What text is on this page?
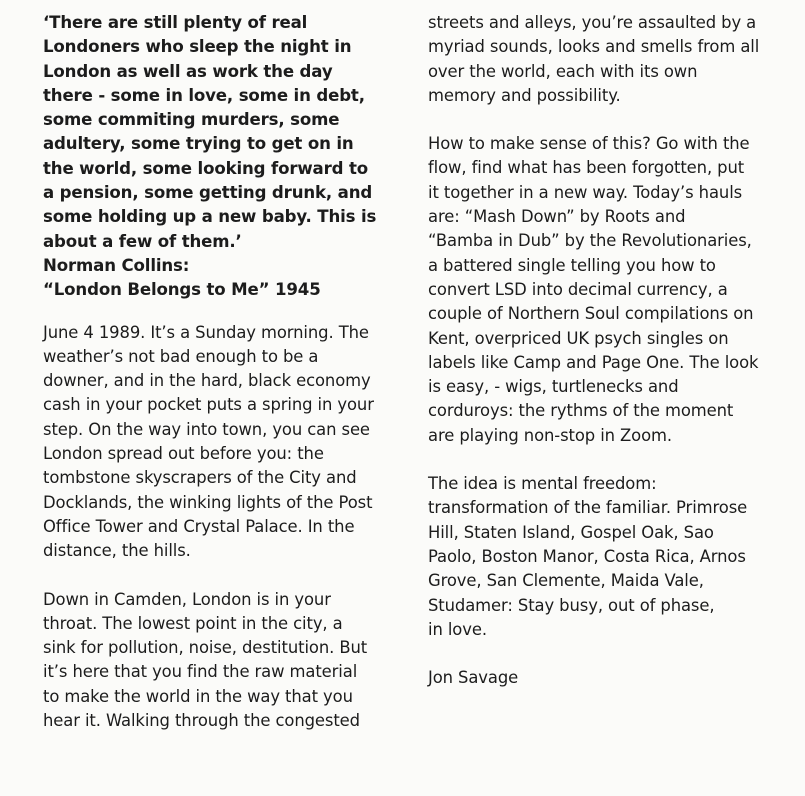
‘There are still plenty of real
Londoners who sleep the night in
London as well as work the day
there - some in love, some in debt,
some commiting murders, some
adultery, some trying to get on in
the world, some looking forward to
a pension, some getting drunk, and
some holding up a new baby. This is
about a few of them.’
Norman Collins:
“London Belongs to Me” 1945
June 4 1989. It’s a Sunday morning. The
weather’s not bad enough to be a
downer, and in the hard, black economy
cash in your pocket puts a spring in your
step. On the way into town, you can see
London spread out before you: the
tombstone skyscrapers of the City and
Docklands, the winking lights of the Post
Office Tower and Crystal Palace. In the
distance, the hills.
Down in Camden, London is in your
throat. The lowest point in the city, a
sink for pollution, noise, destitution. But
it’s here that you find the raw material
to make the world in the way that you
hear it. Walking through the congested
streets and alleys, you’re assaulted by a
myriad sounds, looks and smells from all
over the world, each with its own
memory and possibility.
How to make sense of this? Go with the
flow, find what has been forgotten, put
it together in a new way. Today’s hauls
are: “Mash Down” by Roots and
“Bamba in Dub” by the Revolutionaries,
a battered single telling you how to
convert LSD into decimal currency, a
couple of Northern Soul compilations on
Kent, overpriced UK psych singles on
labels like Camp and Page One. The look
is easy, - wigs, turtlenecks and
corduroys: the rythms of the moment
are playing non-stop in Zoom.
The idea is mental freedom:
transformation of the familiar. Primrose
Hill, Staten Island, Gospel Oak, Sao
Paolo, Boston Manor, Costa Rica, Arnos
Grove, San Clemente, Maida Vale,
Studamer: Stay busy, out of phase,
in love.
Jon Savage
